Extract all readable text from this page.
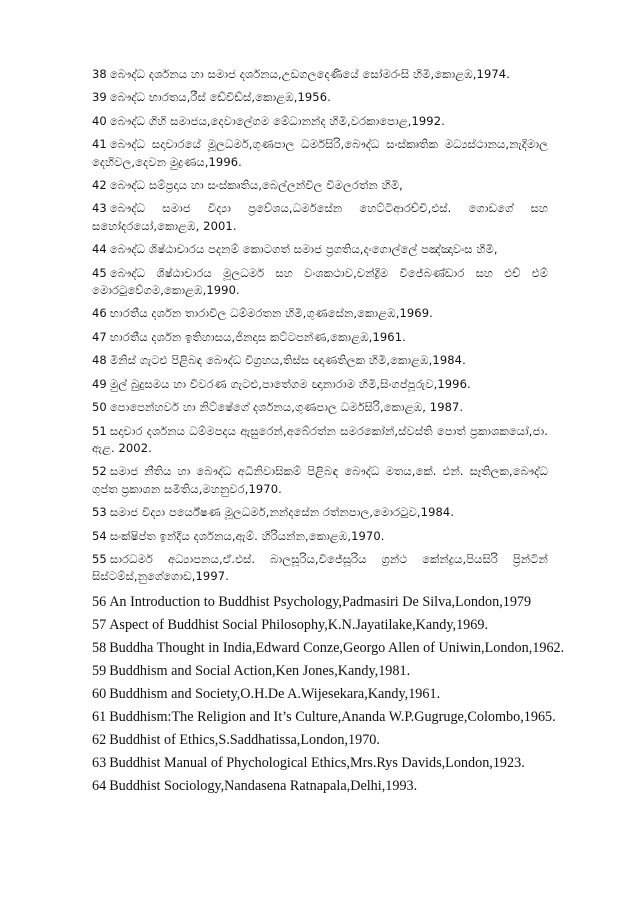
38 බෞද්ධ දර්ශනය හා සමාජ දර්ශනය,උඩගල​දෙණියේ සෝමරංසි හිමි,කොළඹ,1974.
39 බෞද්ධ භාරතය,රීස් ඩේවිඩ්ස්,කොළඹ,1956.
40 බෞද්ධ ගිහි සමාජය,දෙවාලේගම මේධානන්ද හිමි,වරකාපොළ,1992.
41 බෞද්ධ සදාචාරයේ මූලධර්ම,ගුණපාල ධර්මසිරි,බෞද්ධ සංස්කෘතික මධ්‍යස්ථානය,නැදිමාල දෙහිවල,දෙවන මුද්‍රණය,1996.
42 බෞද්ධ සම්ප්‍රදාය හා සංස්කෘතිය,බෙල්ලන්විල විමලරත්න හිමි,
43 බෞද්ධ සමාජ විද්‍යා ප්‍රවේශය,ධර්මසේන හෙට්ටිආරච්චි,එස්. ගොඩගේ සහ සහෝදරයෝ,කොළඹ, 2001.
44 බෞද්ධ ශිෂ්ඨාචාරය පදනම් කොටගත් සමාජ ප්‍රගතිය,දංගොල්ලේ පඤ්ඤාවංස හිමි,
45 බෞද්ධ ශිෂ්ඨාචාරය මූලධර්ම සහ වංශකථාව,චන්ද්‍රිම විජේබණ්ඩාර සහ එච් එම් මොරටුවේගම,කොළඹ,1990.
46 භාරතීය දර්ශන තාරාවිල ධම්මරතන හිමි,ගුණසේන,කොළඹ,1969.
47 භාරතීය දර්ශන ඉතිහාසය,ජිනදාස කට්ටපන්ණ,කොළඹ,1961.
48 මිනිස් ගැටළු පිළිබඳ බෞද්ධ විග්‍රහය,තිස්ස ඥාණතිලක හිමි,කොළඹ,1984.
49 මුල් බුදුසමය හා විවරණ ගැටළු,පාතේගම ඥානාරාම හිමි,සිංගප්පූරුව,1996.
50 පොපෙන්හවර් හා නිට්ෂේගේ දර්ශනය,ගුණපාල ධර්මසිරි,කොළඹ, 1987.
51 සදාචාර දර්ශනය ධම්මපදය ඇසුරෙන්,අබේරත්න සමරකෝන්,ස්වස්ති පොත් ප්‍රකාශකයෝ,ජා. ඇළ. 2002.
52 සමාජ නීතිය හා බෞද්ධ අධිනිවාසිකම් පිළිබඳ බෞද්ධ මතය,කේ. එන්. සෑතිලක,බෞද්ධ ගුප්ත ප්‍රකාශන සමිතිය,මහනුවර,1970.
53 සමාජ විද්‍යා පර්යේෂණ මූලධර්ම,නන්දසේන රත්නපාල,මොරටුව,1984.
54 සංක්ෂිප්ත ඉන්දීය දර්ශනය,ඇම්. හිරියන්න,කොළඹ,1970.
55 සාරධර්ම අධ්‍යාපනය,ඒ.එස්. බාලසූරිය,විජේසූරිය ග්‍රන්ථ කේන්ද්‍රය,පියසිරි ප්‍රින්ටින් සිස්ටම්ස්,නුගේගොඩ,1997.
56 An Introduction to Buddhist Psychology,Padmasiri De Silva,London,1979
57 Aspect of Buddhist Social Philosophy,K.N.Jayatilake,Kandy,1969.
58 Buddha Thought in India,Edward Conze,Georgo Allen of Uniwin,London,1962.
59 Buddhism and Social Action,Ken Jones,Kandy,1981.
60 Buddhism and Society,O.H.De A.Wijesekara,Kandy,1961.
61 Buddhism:The Religion and It’s Culture,Ananda W.P.Gugruge,Colombo,1965.
62 Buddhist of Ethics,S.Saddhatissa,London,1970.
63 Buddhist Manual of Phychological Ethics,Mrs.Rys Davids,London,1923.
64 Buddhist Sociology,Nandasena Ratnapala,Delhi,1993.
